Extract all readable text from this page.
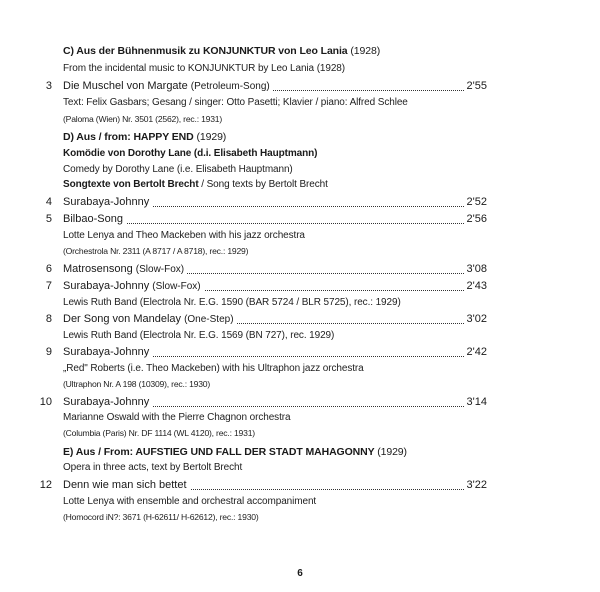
C) Aus der Bühnenmusik zu KONJUNKTUR von Leo Lania (1928)
From the incidental music to KONJUNKTUR by Leo Lania (1928)
3 Die Muschel von Margate (Petroleum-Song)	2'55
Text: Felix Gasbars; Gesang / singer: Otto Pasetti; Klavier / piano: Alfred Schlee
(Paloma (Wien) Nr. 3501 (2562), rec.: 1931)
D) Aus / from: HAPPY END (1929)
Komödie von Dorothy Lane (d.i. Elisabeth Hauptmann)
Comedy by Dorothy Lane (i.e. Elisabeth Hauptmann)
Songtexte von Bertolt Brecht / Song texts by Bertolt Brecht
4 Surabaya-Johnny	2'52
5 Bilbao-Song	2'56
Lotte Lenya and Theo Mackeben with his jazz orchestra
(Orchestrola Nr. 2311 (A 8717 / A 8718), rec.: 1929)
6 Matrosensong (Slow-Fox)	3'08
7 Surabaya-Johnny (Slow-Fox)	2'43
Lewis Ruth Band (Electrola Nr. E.G. 1590 (BAR 5724 / BLR 5725), rec.: 1929)
8 Der Song von Mandelay (One-Step)	3'02
Lewis Ruth Band (Electrola Nr. E.G. 1569 (BN 727), rec. 1929)
9 Surabaya-Johnny	2'42
„Red" Roberts (i.e. Theo Mackeben) with his Ultraphon jazz orchestra
(Ultraphon Nr. A 198 (10309), rec.: 1930)
10 Surabaya-Johnny	3'14
Marianne Oswald with the Pierre Chagnon orchestra
(Columbia (Paris) Nr. DF 1114 (WL 4120), rec.: 1931)
E) Aus / From: AUFSTIEG UND FALL DER STADT MAHAGONNY (1929)
Opera in three acts, text by Bertolt Brecht
12 Denn wie man sich bettet	3'22
Lotte Lenya with ensemble and orchestral accompaniment
(Homocord iN?: 3671 (H-62611/ H-62612), rec.: 1930)
6
